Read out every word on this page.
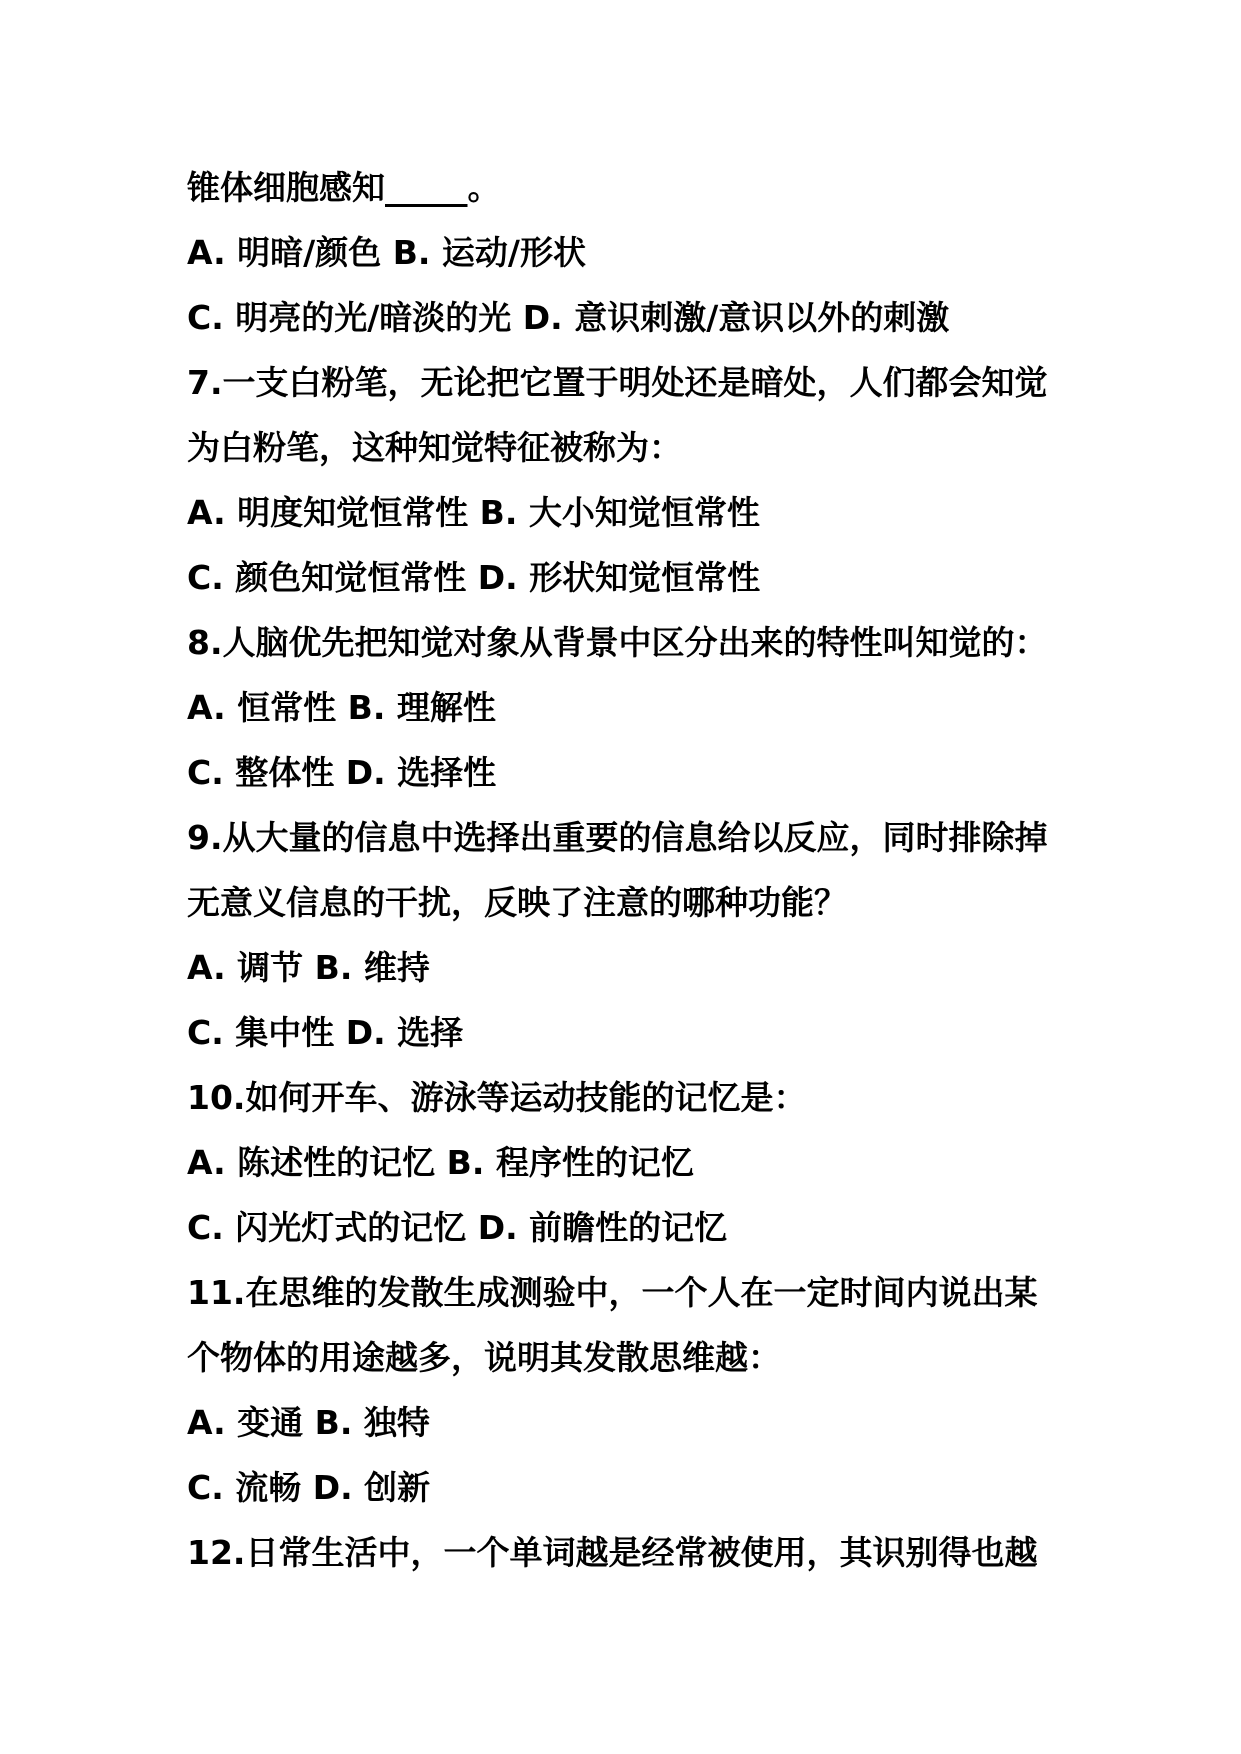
锥体细胞感知_____。
A. 明暗/颜色 B. 运动/形状
C. 明亮的光/暗淡的光 D. 意识刺激/意识以外的刺激
7.一支白粉笔，无论把它置于明处还是暗处，人们都会知觉
为白粉笔，这种知觉特征被称为：
A. 明度知觉恒常性 B. 大小知觉恒常性
C. 颜色知觉恒常性 D. 形状知觉恒常性
8.人脑优先把知觉对象从背景中区分出来的特性叫知觉的：
A. 恒常性 B. 理解性
C. 整体性 D. 选择性
9.从大量的信息中选择出重要的信息给以反应，同时排除掉
无意义信息的干扰，反映了注意的哪种功能？
A. 调节 B. 维持
C. 集中性 D. 选择
10.如何开车、游泳等运动技能的记忆是：
A. 陈述性的记忆 B. 程序性的记忆
C. 闪光灯式的记忆 D. 前瞻性的记忆
11.在思维的发散生成测验中，一个人在一定时间内说出某
个物体的用途越多，说明其发散思维越：
A. 变通 B. 独特
C. 流畅 D. 创新
12.日常生活中，一个单词越是经常被使用，其识别得也越
